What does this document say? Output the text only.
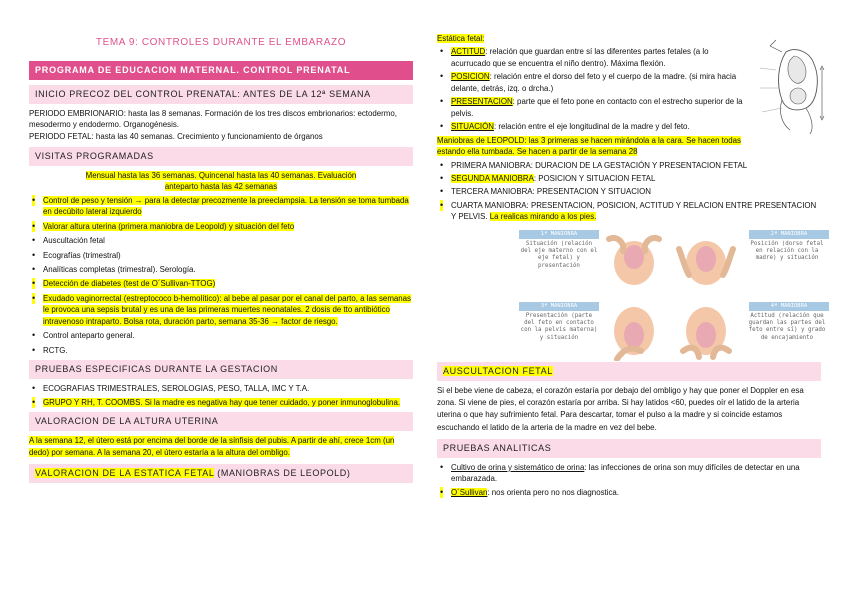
TEMA 9: CONTROLES DURANTE EL EMBARAZO
PROGRAMA DE EDUCACION MATERNAL. CONTROL PRENATAL
INICIO PRECOZ DEL CONTROL PRENATAL: ANTES DE LA 12ª SEMANA
PERIODO EMBRIONARIO: hasta las 8 semanas. Formación de los tres discos embrionarios: ectodermo, mesodermo y endodermo. Organogénesis.
PERIODO FETAL: hasta las 40 semanas. Crecimiento y funcionamiento de órganos
VISITAS PROGRAMADAS
Mensual hasta las 36 semanas. Quincenal hasta las 40 semanas. Evaluación anteparto hasta las 42 semanas
• Control de peso y tensión → para la detectar precozmente la preeclampsia. La tensión se toma tumbada en decúbito lateral izquierdo
• Valorar altura uterina (primera maniobra de Leopold) y situación del feto
• Auscultación fetal
• Ecografías (trimestral)
• Analíticas completas (trimestral). Serología.
• Detección de diabetes (test de O´Sullivan-TTOG)
• Exudado vaginorrectal (estreptococo b-hemolítico): al bebe al pasar por el canal del parto, a las semanas le provoca una sepsis brutal y es una de las primeras muertes neonatales. 2 dosis de tto antibiótico intravenoso intraparto. Bolsa rota, duración parto, semana 35-36 → factor de riesgo.
• Control anteparto general.
• RCTG.
PRUEBAS ESPECIFICAS DURANTE LA GESTACION
• ECOGRAFIAS TRIMESTRALES, SEROLOGIAS, PESO, TALLA, IMC Y T.A.
• GRUPO Y RH, T. COOMBS. Si la madre es negativa hay que tener cuidado, y poner inmunoglobulina.
VALORACION DE LA ALTURA UTERINA
A la semana 12, el útero está por encima del borde de la sínfisis del pubis. A partir de ahí, crece 1cm (un dedo) por semana. A la semana 20, el útero estaría a la altura del ombligo.
VALORACION DE LA ESTATICA FETAL (MANIOBRAS DE LEOPOLD)
Estática fetal:
• ACTITUD: relación que guardan entre sí las diferentes partes fetales (a lo acurrucado que se encuentra el niño dentro). Máxima flexión.
• POSICION: relación entre el dorso del feto y el cuerpo de la madre. (si mira hacia delante, detrás, izq. o drcha.)
• PRESENTACION: parte que el feto pone en contacto con el estrecho superior de la pelvis.
• SITUACIÓN: relación entre el eje longitudinal de la madre y del feto.
Maniobras de LEOPOLD: las 3 primeras se hacen mirándola a la cara. Se hacen todas estando ella tumbada. Se hacen a partir de la semana 28
• PRIMERA MANIOBRA: DURACION DE LA GESTACIÓN Y PRESENTACION FETAL
• SEGUNDA MANIOBRA: POSICION Y SITUACION FETAL
• TERCERA MANIOBRA: PRESENTACION Y SITUACION
• CUARTA MANIOBRA: PRESENTACION, POSICION, ACTITUD Y RELACION ENTRE PRESENTACION Y PELVIS. La realicas mirando a los pies.
1ª MANIOBRA
Situación (relación del eje materno con el eje fetal) y presentación
2ª MANIOBRA
Posición (dorso fetal en relación con la madre) y situación
3ª MANIOBRA
Presentación (parte del feto en contacto con la pelvis materna) y situación
4ª MANIOBRA
Actitud (relación que guardan las partes del feto entre sí) y grado de encajamiento
AUSCULTACION FETAL
Si el bebe viene de cabeza, el corazón estaría por debajo del ombligo y hay que poner el Doppler en esa zona. Si viene de pies, el corazón estaría por arriba. Si hay latidos <60, puedes oír el latido de la arteria uterina o que hay sufrimiento fetal. Para descartar, tomar el pulso a la madre y si coincide estamos escuchando el latido de la arteria de la madre en vez del bebe.
PRUEBAS ANALITICAS
• Cultivo de orina y sistemático de orina: las infecciones de orina son muy difíciles de detectar en una embarazada.
• O´Sullivan: nos orienta pero no nos diagnostica.
